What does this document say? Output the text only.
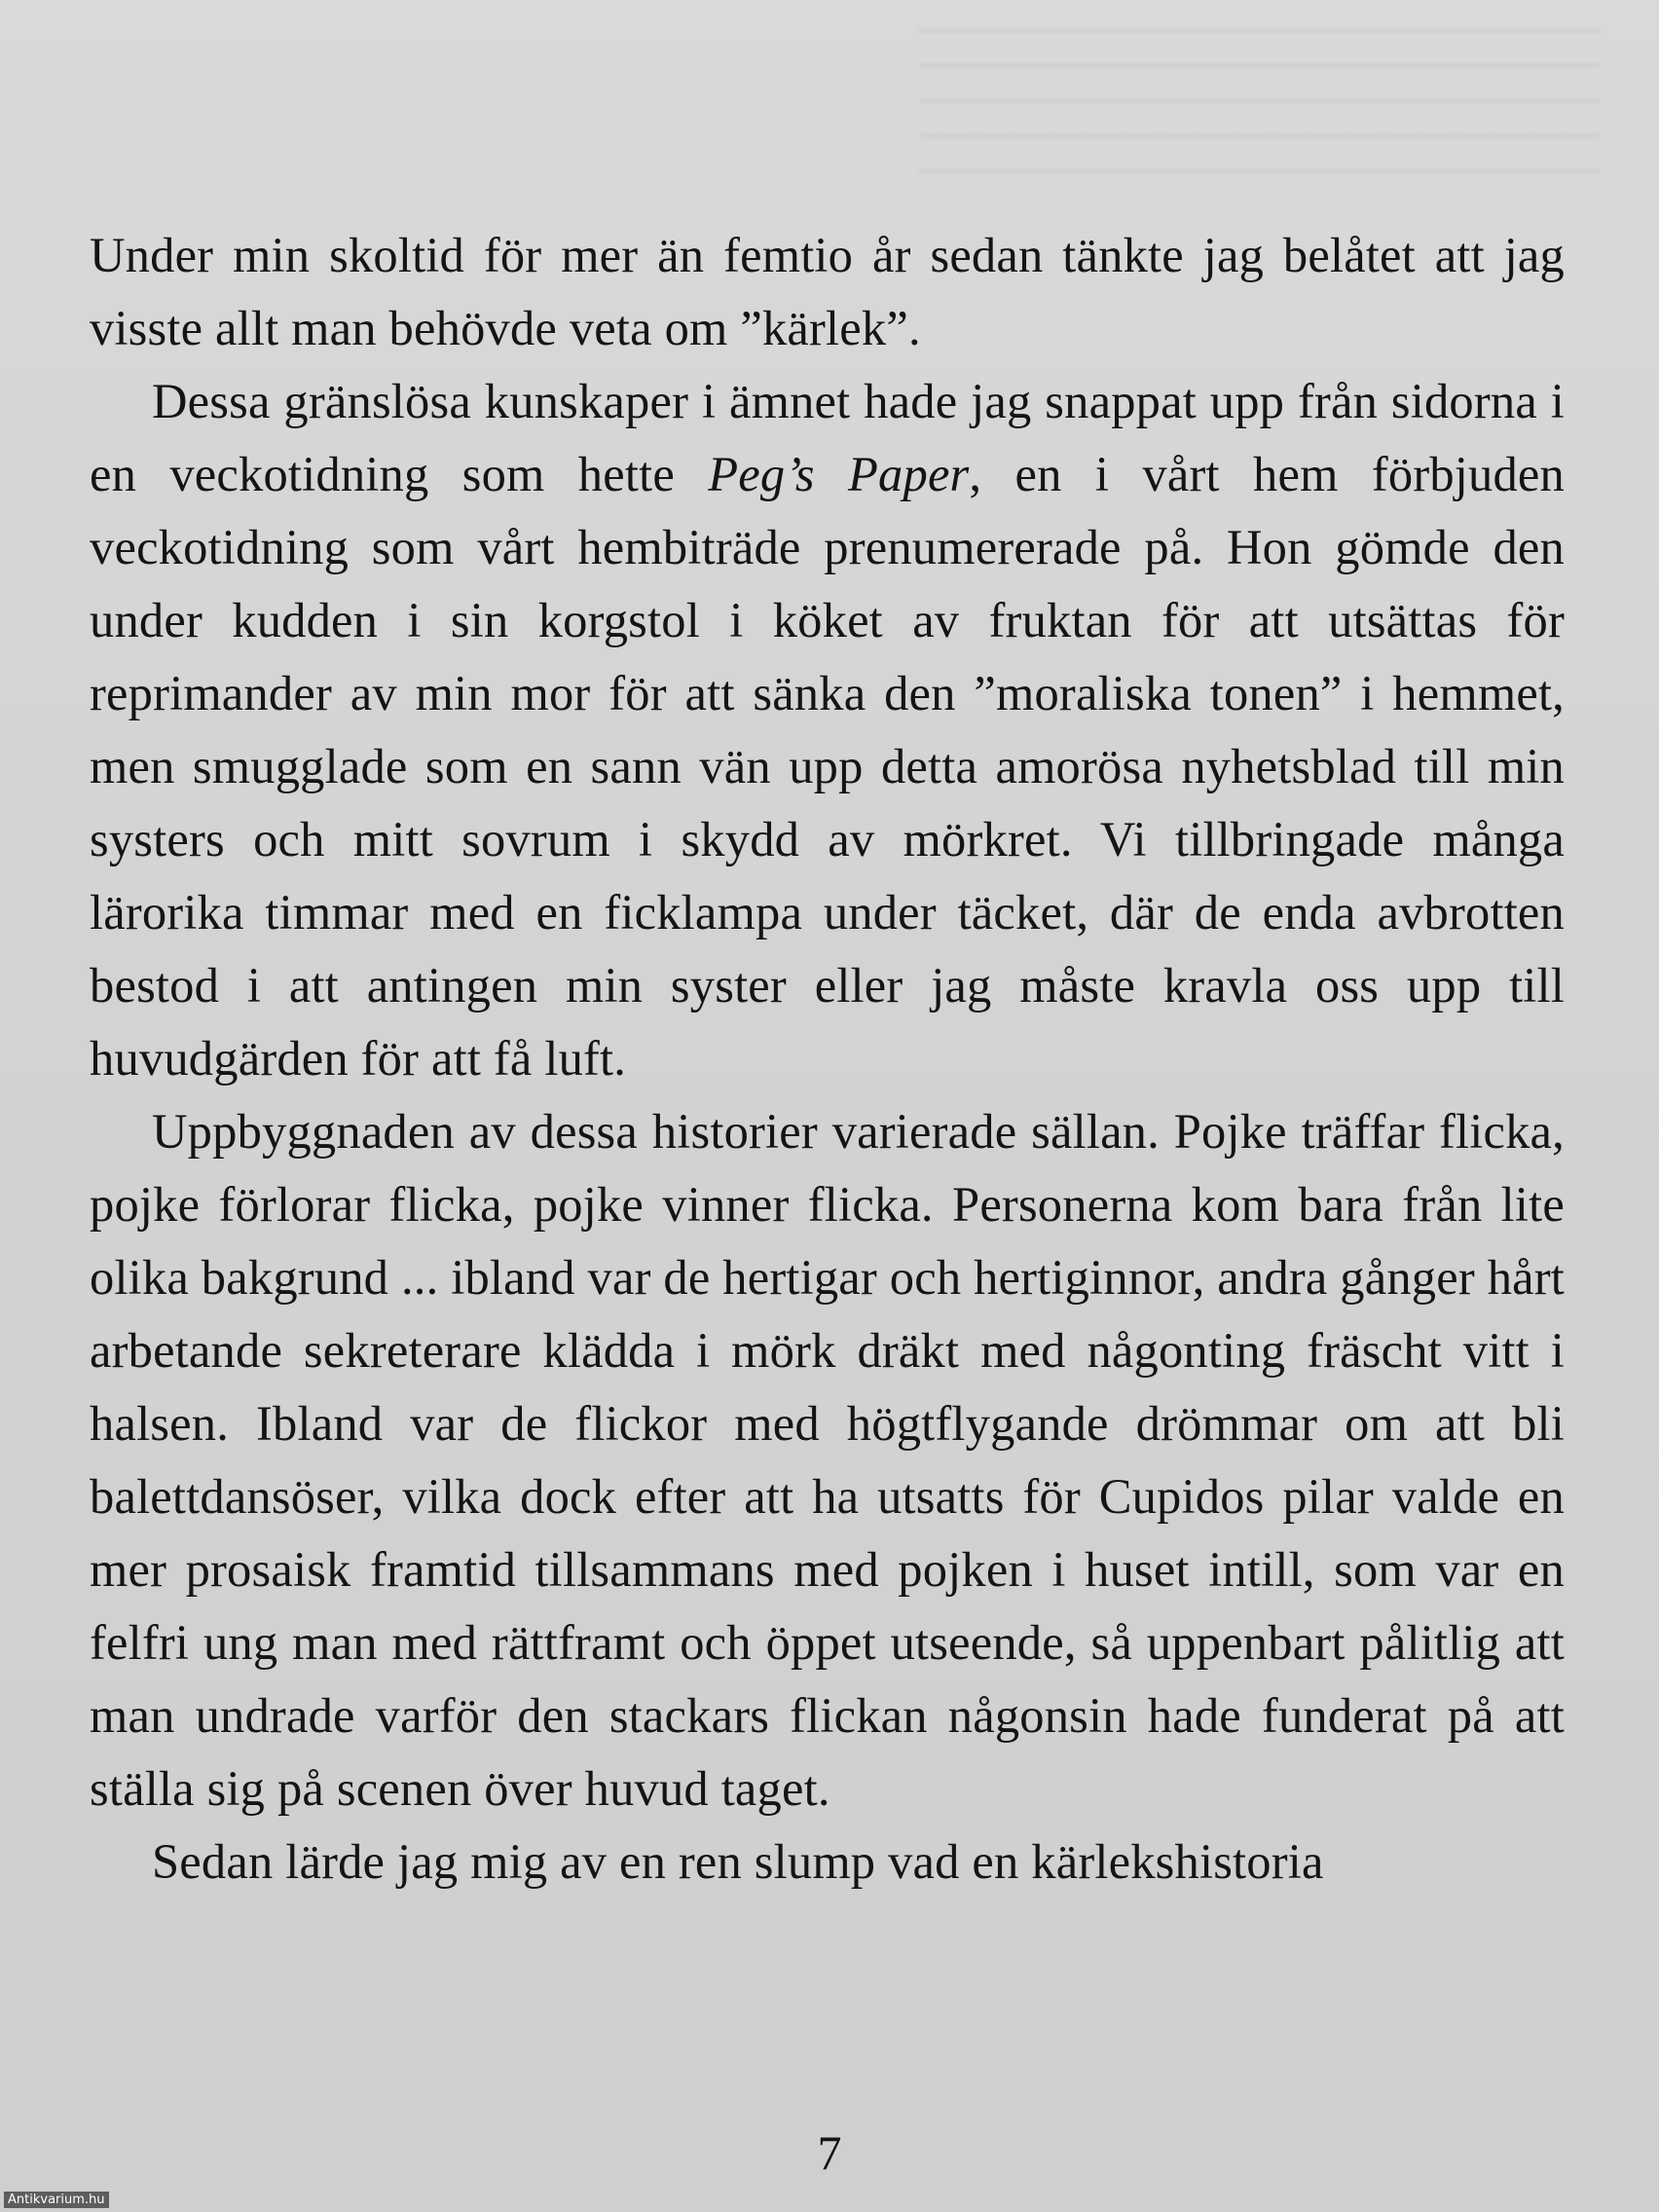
Under min skoltid för mer än femtio år sedan tänkte jag belåtet att jag visste allt man behövde veta om ”kärlek”.

Dessa gränslösa kunskaper i ämnet hade jag snappat upp från sidorna i en veckotidning som hette Peg’s Paper, en i vårt hem förbjuden veckotidning som vårt hembiträde prenumererade på. Hon gömde den under kudden i sin korgstol i köket av fruktan för att utsättas för reprimander av min mor för att sänka den ”moraliska tonen” i hemmet, men smugglade som en sann vän upp detta amorösa nyhetsblad till min systers och mitt sovrum i skydd av mörkret. Vi tillbringade många lärorika timmar med en ficklampa under täcket, där de enda avbrotten bestod i att antingen min syster eller jag måste kravla oss upp till huvudgärden för att få luft.

Uppbyggnaden av dessa historier varierade sällan. Pojke träffar flicka, pojke förlorar flicka, pojke vinner flicka. Personerna kom bara från lite olika bakgrund ... ibland var de hertigar och hertiginnor, andra gånger hårt arbetande sekreterare klädda i mörk dräkt med någonting fräscht vitt i halsen. Ibland var de flickor med högtflygande drömmar om att bli balettdansöser, vilka dock efter att ha utsatts för Cupidos pilar valde en mer prosaisk framtid tillsammans med pojken i huset intill, som var en felfri ung man med rättframt och öppet utseende, så uppenbart pålitlig att man undrade varför den stackars flickan någonsin hade funderat på att ställa sig på scenen över huvud taget.

Sedan lärde jag mig av en ren slump vad en kärlekshistoria

7
Antikvarium.hu
